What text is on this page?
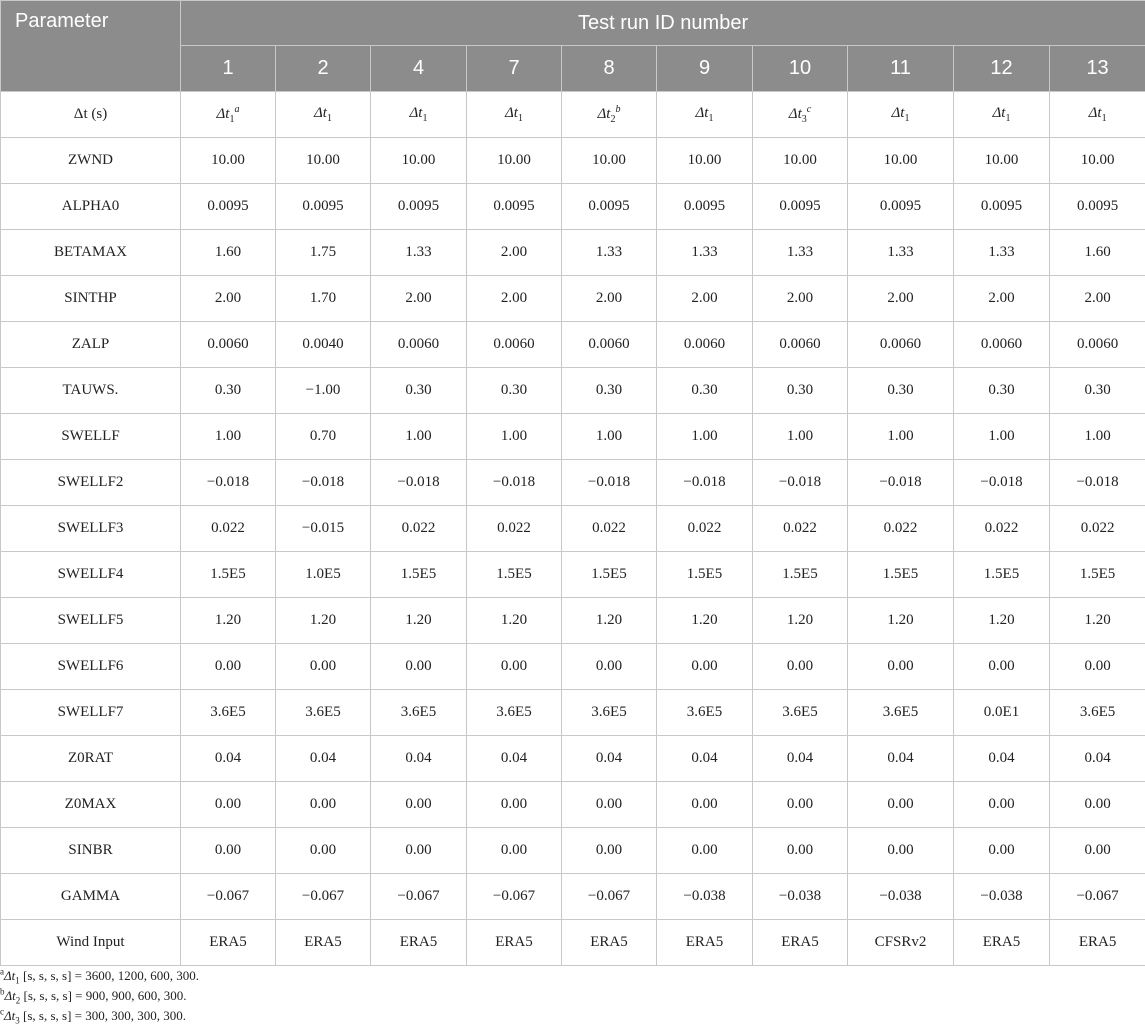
Parameter	Test run ID number									
	1	2	4	7	8	9	10	11	12	13
Δt (s)	$\Delta t_1^a$	$\Delta t_1$	$\Delta t_1$	$\Delta t_1$	$\Delta t_2^b$	$\Delta t_1$	$\Delta t_3^c$	$\Delta t_1$	$\Delta t_1$	$\Delta t_1$
ZWND	10.00	10.00	10.00	10.00	10.00	10.00	10.00	10.00	10.00	10.00
ALPHA0	0.0095	0.0095	0.0095	0.0095	0.0095	0.0095	0.0095	0.0095	0.0095	0.0095
BETAMAX	1.60	1.75	1.33	2.00	1.33	1.33	1.33	1.33	1.33	1.60
SINTHP	2.00	1.70	2.00	2.00	2.00	2.00	2.00	2.00	2.00	2.00
ZALP	0.0060	0.0040	0.0060	0.0060	0.0060	0.0060	0.0060	0.0060	0.0060	0.0060
TAUWS.	0.30	−1.00	0.30	0.30	0.30	0.30	0.30	0.30	0.30	0.30
SWELLF	1.00	0.70	1.00	1.00	1.00	1.00	1.00	1.00	1.00	1.00
SWELLF2	−0.018	−0.018	−0.018	−0.018	−0.018	−0.018	−0.018	−0.018	−0.018	−0.018
SWELLF3	0.022	−0.015	0.022	0.022	0.022	0.022	0.022	0.022	0.022	0.022
SWELLF4	1.5E5	1.0E5	1.5E5	1.5E5	1.5E5	1.5E5	1.5E5	1.5E5	1.5E5	1.5E5
SWELLF5	1.20	1.20	1.20	1.20	1.20	1.20	1.20	1.20	1.20	1.20
SWELLF6	0.00	0.00	0.00	0.00	0.00	0.00	0.00	0.00	0.00	0.00
SWELLF7	3.6E5	3.6E5	3.6E5	3.6E5	3.6E5	3.6E5	3.6E5	3.6E5	0.0E1	3.6E5
Z0RAT	0.04	0.04	0.04	0.04	0.04	0.04	0.04	0.04	0.04	0.04
Z0MAX	0.00	0.00	0.00	0.00	0.00	0.00	0.00	0.00	0.00	0.00
SINBR	0.00	0.00	0.00	0.00	0.00	0.00	0.00	0.00	0.00	0.00
GAMMA	−0.067	−0.067	−0.067	−0.067	−0.067	−0.038	−0.038	−0.038	−0.038	−0.067
Wind Input	ERA5	ERA5	ERA5	ERA5	ERA5	ERA5	ERA5	CFSRv2	ERA5	ERA5
$^a\Delta t_1$ [s, s, s, s] = 3600, 1200, 600, 300.
$^b\Delta t_2$ [s, s, s, s] = 900, 900, 600, 300.
$^c\Delta t_3$ [s, s, s, s] = 300, 300, 300, 300.
